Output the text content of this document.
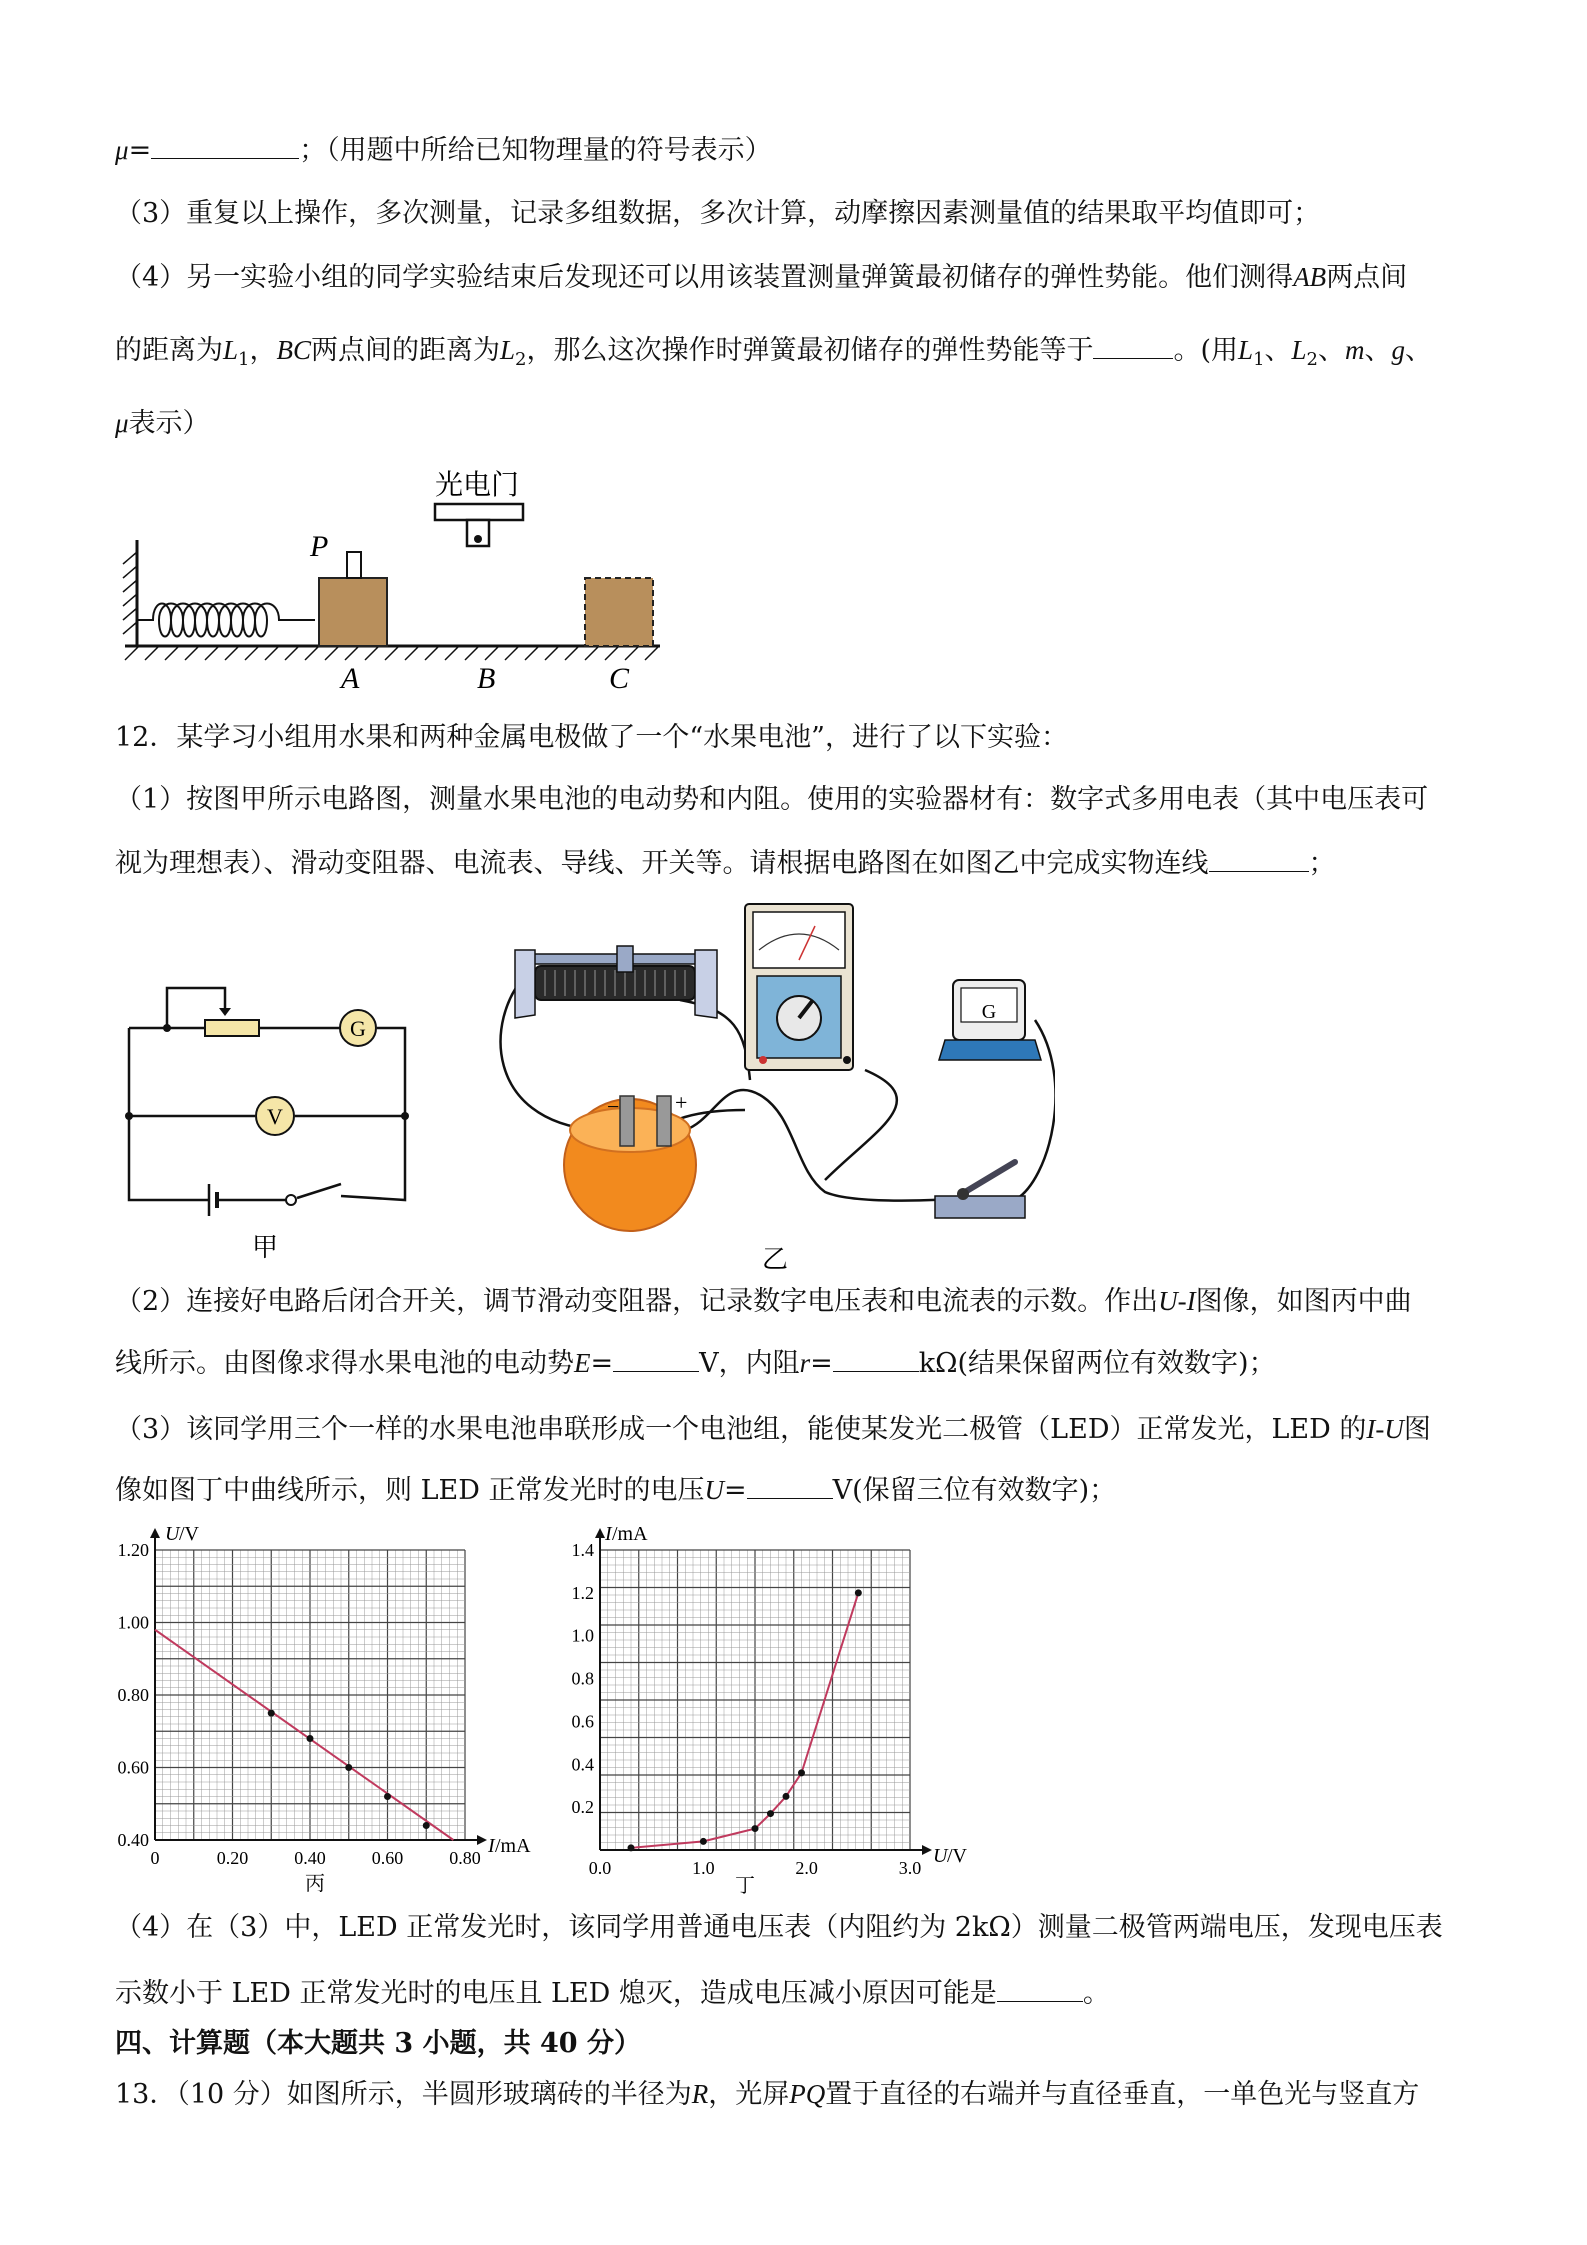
μ=	；（用题中所给已知物理量的符号表示）
（3）重复以上操作，多次测量，记录多组数据，多次计算，动摩擦因素测量值的结果取平均值即可；
（4）另一实验小组的同学实验结束后发现还可以用该装置测量弹簧最初储存的弹性势能。他们测得AB两点间
的距离为$L_1$，BC两点间的距离为$L_2$，那么这次操作时弹簧最初储存的弹性势能等于	。(用$L_1$、$L_2$、m、g、
μ表示）
光电门
P
A	B	C
12．某学习小组用水果和两种金属电极做了一个“水果电池”，进行了以下实验：
（1）按图甲所示电路图，测量水果电池的电动势和内阻。使用的实验器材有：数字式多用电表（其中电压表可
视为理想表）、滑动变阻器、电流表、导线、开关等。请根据电路图在如图乙中完成实物连线	；
G
V
甲
G
−	+
乙
（2）连接好电路后闭合开关，调节滑动变阻器，记录数字电压表和电流表的示数。作出U-I图像，如图丙中曲
线所示。由图像求得水果电池的电动势E=	V，内阻r=	kΩ(结果保留两位有效数字)；
（3）该同学用三个一样的水果电池串联形成一个电池组，能使某发光二极管（LED）正常发光，LED 的I-U图
像如图丁中曲线所示，则 LED 正常发光时的电压U=	V(保留三位有效数字)；
0	0.20	0.40	0.60	0.80
0.40
0.60
0.80
1.00
1.20
U /V
I /mA
丙
0.0	1.0	2.0	3.0
0.2
0.4
0.6
0.8
1.0
1.2
1.4
I /mA
U /V
丁
（4）在（3）中，LED 正常发光时，该同学用普通电压表（内阻约为 2kΩ）测量二极管两端电压，发现电压表
示数小于 LED 正常发光时的电压且 LED 熄灭，造成电压减小原因可能是	。
四、计算题（本大题共 3 小题，共 40 分）
13．（10 分）如图所示，半圆形玻璃砖的半径为R，光屏PQ置于直径的右端并与直径垂直，一单色光与竖直方
